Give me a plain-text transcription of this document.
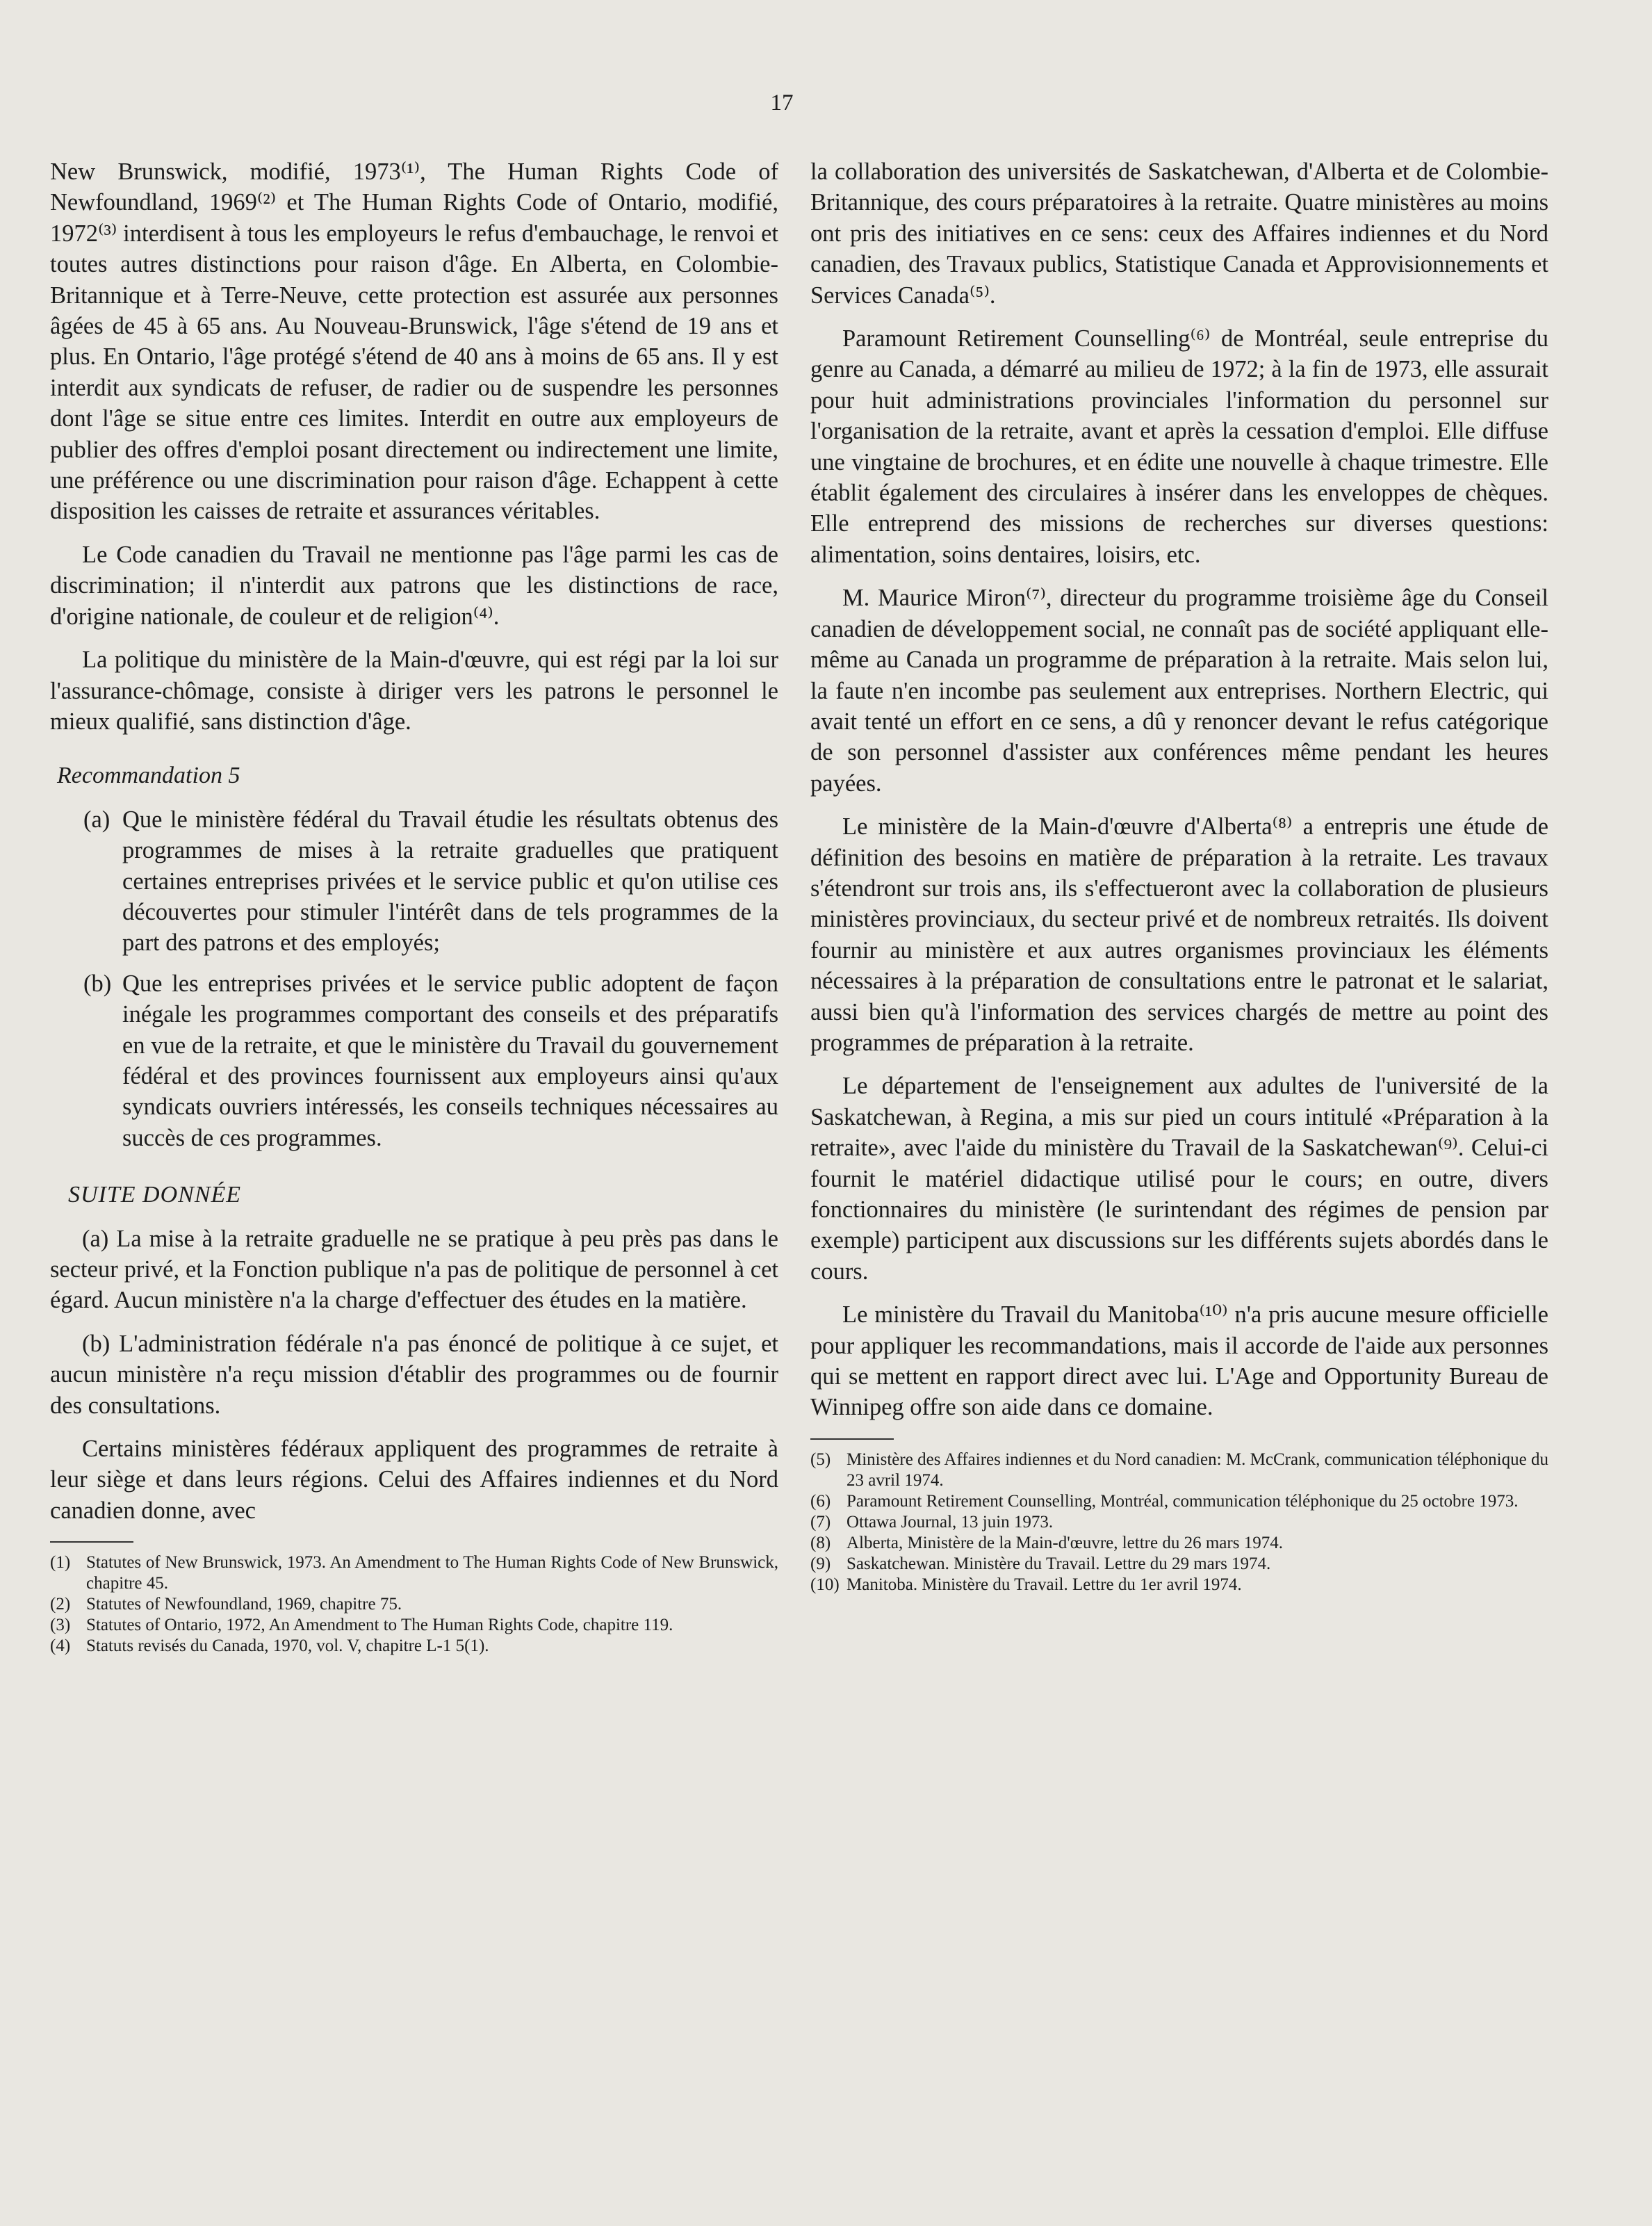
17

New Brunswick, modifié, 1973⁽¹⁾, The Human Rights Code of Newfoundland, 1969⁽²⁾ et The Human Rights Code of Ontario, modifié, 1972⁽³⁾ interdisent à tous les employeurs le refus d'embauchage, le renvoi et toutes autres distinctions pour raison d'âge. En Alberta, en Colombie-Britannique et à Terre-Neuve, cette protection est assurée aux personnes âgées de 45 à 65 ans. Au Nouveau-Brunswick, l'âge s'étend de 19 ans et plus. En Ontario, l'âge protégé s'étend de 40 ans à moins de 65 ans. Il y est interdit aux syndicats de refuser, de radier ou de suspendre les personnes dont l'âge se situe entre ces limites. Interdit en outre aux employeurs de publier des offres d'emploi posant directement ou indirectement une limite, une préférence ou une discrimination pour raison d'âge. Echappent à cette disposition les caisses de retraite et assurances véritables.

Le Code canadien du Travail ne mentionne pas l'âge parmi les cas de discrimination; il n'interdit aux patrons que les distinctions de race, d'origine nationale, de couleur et de religion⁽⁴⁾.

La politique du ministère de la Main-d'œuvre, qui est régi par la loi sur l'assurance-chômage, consiste à diriger vers les patrons le personnel le mieux qualifié, sans distinction d'âge.

Recommandation 5
(a) Que le ministère fédéral du Travail étudie les résultats obtenus des programmes de mises à la retraite graduelles que pratiquent certaines entreprises privées et le service public et qu'on utilise ces découvertes pour stimuler l'intérêt dans de tels programmes de la part des patrons et des employés;
(b) Que les entreprises privées et le service public adoptent de façon inégale les programmes comportant des conseils et des préparatifs en vue de la retraite, et que le ministère du Travail du gouvernement fédéral et des provinces fournissent aux employeurs ainsi qu'aux syndicats ouvriers intéressés, les conseils techniques nécessaires au succès de ces programmes.
SUITE DONNÉE

(a) La mise à la retraite graduelle ne se pratique à peu près pas dans le secteur privé, et la Fonction publique n'a pas de politique de personnel à cet égard. Aucun ministère n'a la charge d'effectuer des études en la matière.

(b) L'administration fédérale n'a pas énoncé de politique à ce sujet, et aucun ministère n'a reçu mission d'établir des programmes ou de fournir des consultations.

Certains ministères fédéraux appliquent des programmes de retraite à leur siège et dans leurs régions. Celui des Affaires indiennes et du Nord canadien donne, avec

(1) Statutes of New Brunswick, 1973. An Amendment to The Human Rights Code of New Brunswick, chapitre 45.
(2) Statutes of Newfoundland, 1969, chapitre 75.
(3) Statutes of Ontario, 1972, An Amendment to The Human Rights Code, chapitre 119.
(4) Statuts revisés du Canada, 1970, vol. V, chapitre L-1 5(1).

la collaboration des universités de Saskatchewan, d'Alberta et de Colombie-Britannique, des cours préparatoires à la retraite. Quatre ministères au moins ont pris des initiatives en ce sens: ceux des Affaires indiennes et du Nord canadien, des Travaux publics, Statistique Canada et Approvisionnements et Services Canada⁽⁵⁾.

Paramount Retirement Counselling⁽⁶⁾ de Montréal, seule entreprise du genre au Canada, a démarré au milieu de 1972; à la fin de 1973, elle assurait pour huit administrations provinciales l'information du personnel sur l'organisation de la retraite, avant et après la cessation d'emploi. Elle diffuse une vingtaine de brochures, et en édite une nouvelle à chaque trimestre. Elle établit également des circulaires à insérer dans les enveloppes de chèques. Elle entreprend des missions de recherches sur diverses questions: alimentation, soins dentaires, loisirs, etc.

M. Maurice Miron⁽⁷⁾, directeur du programme troisième âge du Conseil canadien de développement social, ne connaît pas de société appliquant elle-même au Canada un programme de préparation à la retraite. Mais selon lui, la faute n'en incombe pas seulement aux entreprises. Northern Electric, qui avait tenté un effort en ce sens, a dû y renoncer devant le refus catégorique de son personnel d'assister aux conférences même pendant les heures payées.

Le ministère de la Main-d'œuvre d'Alberta⁽⁸⁾ a entrepris une étude de définition des besoins en matière de préparation à la retraite. Les travaux s'étendront sur trois ans, ils s'effectueront avec la collaboration de plusieurs ministères provinciaux, du secteur privé et de nombreux retraités. Ils doivent fournir au ministère et aux autres organismes provinciaux les éléments nécessaires à la préparation de consultations entre le patronat et le salariat, aussi bien qu'à l'information des services chargés de mettre au point des programmes de préparation à la retraite.

Le département de l'enseignement aux adultes de l'université de la Saskatchewan, à Regina, a mis sur pied un cours intitulé «Préparation à la retraite», avec l'aide du ministère du Travail de la Saskatchewan⁽⁹⁾. Celui-ci fournit le matériel didactique utilisé pour le cours; en outre, divers fonctionnaires du ministère (le surintendant des régimes de pension par exemple) participent aux discussions sur les différents sujets abordés dans le cours.

Le ministère du Travail du Manitoba⁽¹⁰⁾ n'a pris aucune mesure officielle pour appliquer les recommandations, mais il accorde de l'aide aux personnes qui se mettent en rapport direct avec lui. L'Age and Opportunity Bureau de Winnipeg offre son aide dans ce domaine.

(5) Ministère des Affaires indiennes et du Nord canadien: M. McCrank, communication téléphonique du 23 avril 1974.
(6) Paramount Retirement Counselling, Montréal, communication téléphonique du 25 octobre 1973.
(7) Ottawa Journal, 13 juin 1973.
(8) Alberta, Ministère de la Main-d'œuvre, lettre du 26 mars 1974.
(9) Saskatchewan. Ministère du Travail. Lettre du 29 mars 1974.
(10) Manitoba. Ministère du Travail. Lettre du 1er avril 1974.
